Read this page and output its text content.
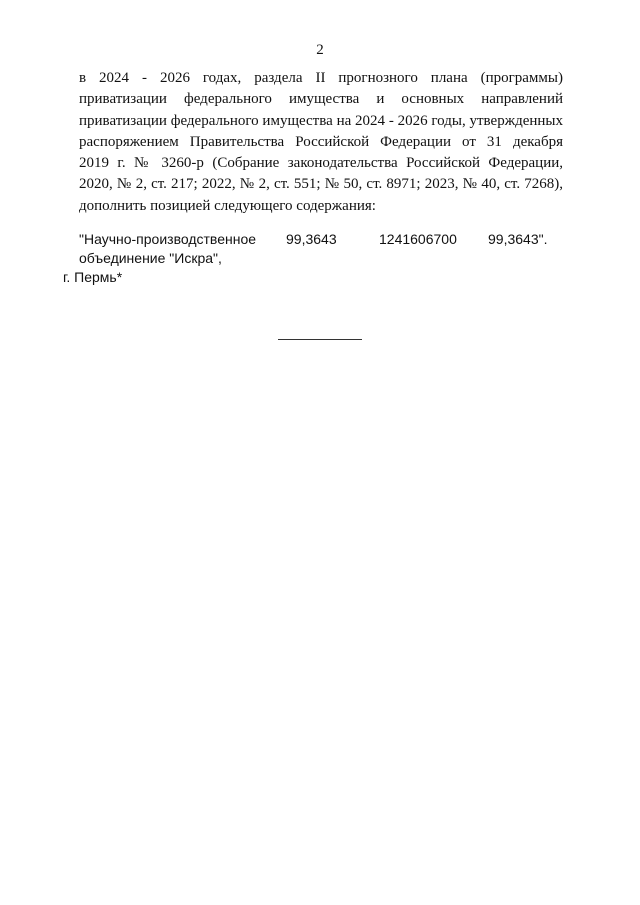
2
в 2024 - 2026 годах, раздела II прогнозного плана (программы)
приватизации федерального имущества и основных направлений
приватизации федерального имущества на 2024 - 2026 годы, утвержденных
распоряжением Правительства Российской Федерации от 31 декабря
2019 г. № 3260-р (Собрание законодательства Российской Федерации,
2020, № 2, ст. 217; 2022, № 2, ст. 551; № 50, ст. 8971; 2023, № 40, ст. 7268),
дополнить позицией следующего содержания:
"Научно-производственное
объединение "Искра",
г. Пермь*
99,3643	1241606700 99,3643".
